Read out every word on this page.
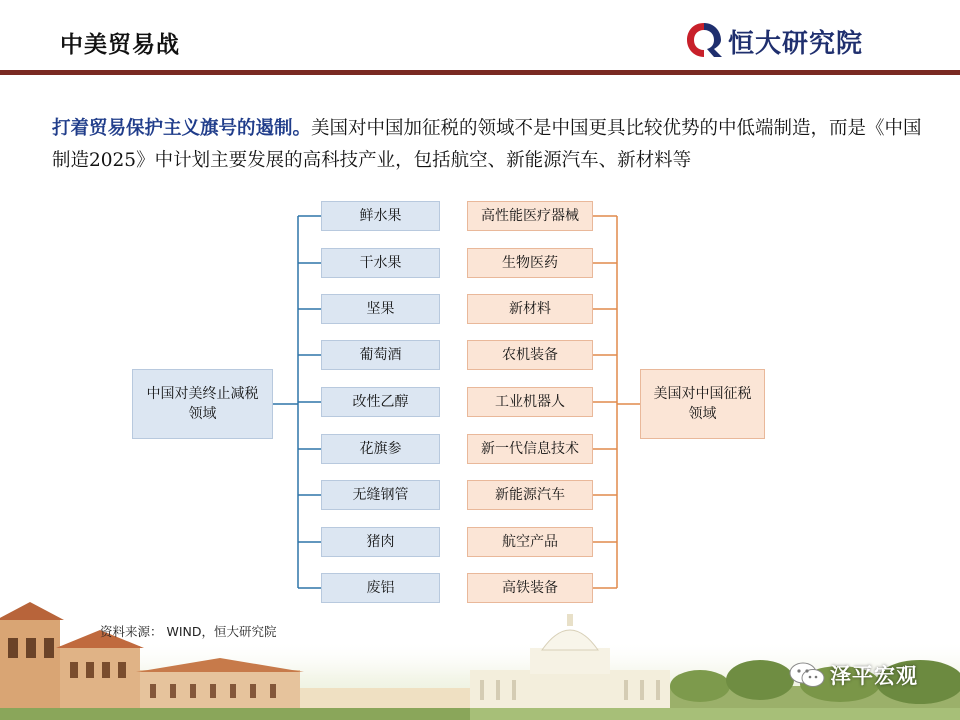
中美贸易战	恒大研究院
打着贸易保护主义旗号的遏制。美国对中国加征税的领域不是中国更具比较优势的中低端制造，而是《中国制造2025》中计划主要发展的高科技产业，包括航空、新能源汽车、新材料等
中国对美终止减税领域
美国对中国征税领域
鲜水果
干水果
坚果
葡萄酒
改性乙醇
花旗参
无缝钢管
猪肉
废铝
高性能医疗器械
生物医药
新材料
农机装备
工业机器人
新一代信息技术
新能源汽车
航空产品
高铁装备
资料来源： WIND，恒大研究院
泽平宏观
